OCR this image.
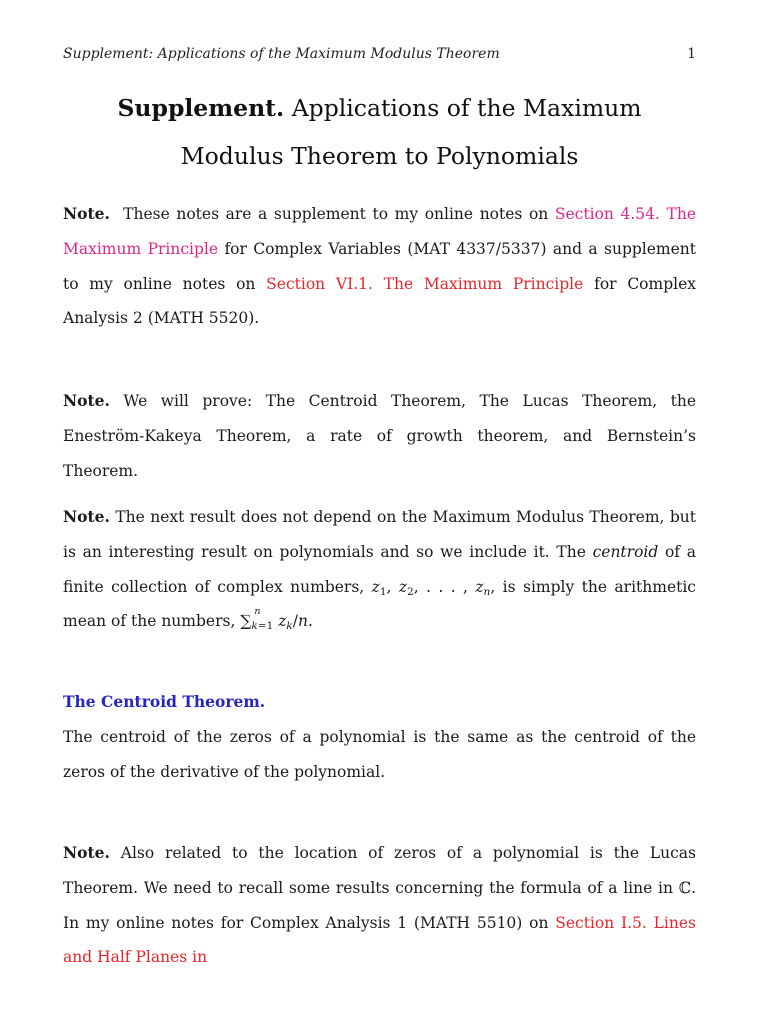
Supplement: Applications of the Maximum Modulus Theorem	1
Supplement. Applications of the Maximum Modulus Theorem to Polynomials
Note. These notes are a supplement to my online notes on Section 4.54. The Maximum Principle for Complex Variables (MAT 4337/5337) and a supplement to my online notes on Section VI.1. The Maximum Principle for Complex Analysis 2 (MATH 5520).
Note. We will prove: The Centroid Theorem, The Lucas Theorem, the Eneström-Kakeya Theorem, a rate of growth theorem, and Bernstein’s Theorem.
Note. The next result does not depend on the Maximum Modulus Theorem, but is an interesting result on polynomials and so we include it. The centroid of a finite collection of complex numbers, $z_1$, $z_2$, . . . , $z_n$, is simply the arithmetic mean of the numbers, ∑
n
$_{k=1}$ $z_k/n$.
The Centroid Theorem.
The centroid of the zeros of a polynomial is the same as the centroid of the zeros of the derivative of the polynomial.
Note. Also related to the location of zeros of a polynomial is the Lucas Theorem. We need to recall some results concerning the formula of a line in ℂ. In my online notes for Complex Analysis 1 (MATH 5510) on Section I.5. Lines and Half Planes in
